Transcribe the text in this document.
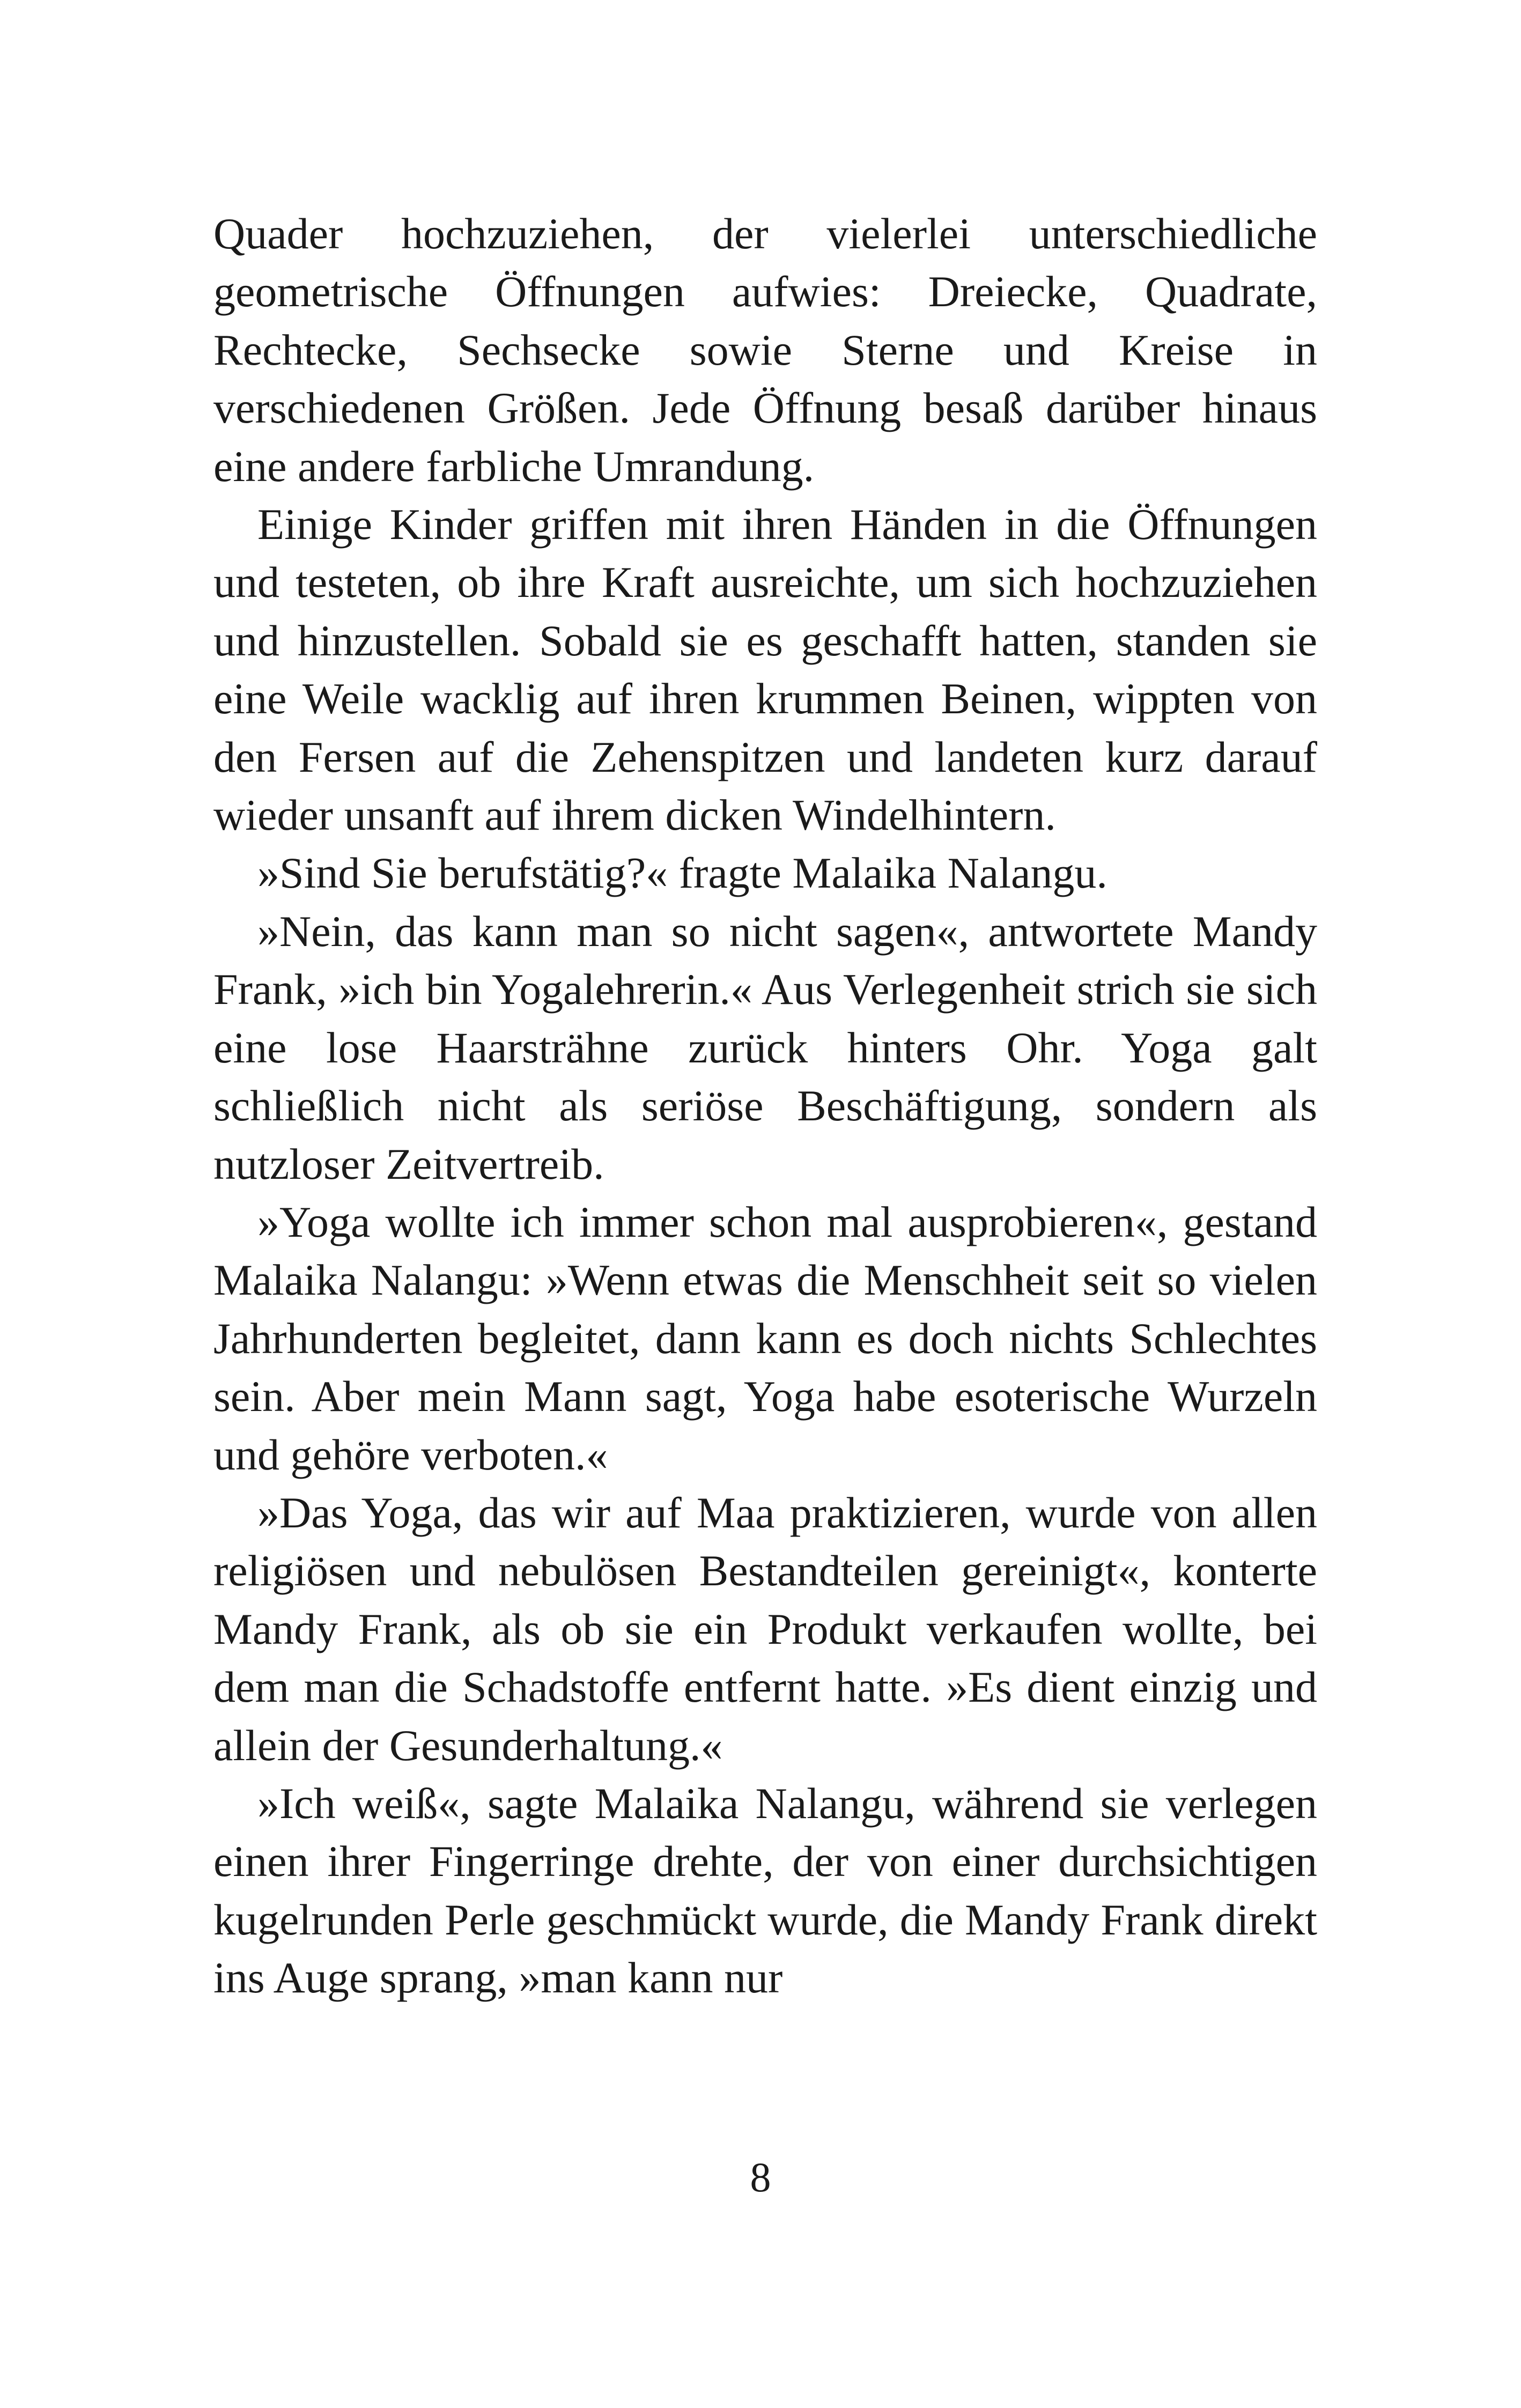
Quader hochzuziehen, der vielerlei unterschiedliche geometrische Öffnungen aufwies: Dreiecke, Quadrate, Rechtecke, Sechsecke sowie Sterne und Kreise in verschiedenen Größen. Jede Öffnung besaß darüber hinaus eine andere farbliche Umrandung.

Einige Kinder griffen mit ihren Händen in die Öffnungen und testeten, ob ihre Kraft ausreichte, um sich hochzuziehen und hinzustellen. Sobald sie es geschafft hatten, standen sie eine Weile wacklig auf ihren krummen Beinen, wippten von den Fersen auf die Zehenspitzen und landeten kurz darauf wieder unsanft auf ihrem dicken Windelhintern.

»Sind Sie berufstätig?« fragte Malaika Nalangu.

»Nein, das kann man so nicht sagen«, antwortete Mandy Frank, »ich bin Yogalehrerin.« Aus Verlegenheit strich sie sich eine lose Haarsträhne zurück hinters Ohr. Yoga galt schließlich nicht als seriöse Beschäftigung, sondern als nutzloser Zeitvertreib.

»Yoga wollte ich immer schon mal ausprobieren«, gestand Malaika Nalangu: »Wenn etwas die Menschheit seit so vielen Jahrhunderten begleitet, dann kann es doch nichts Schlechtes sein. Aber mein Mann sagt, Yoga habe esoterische Wurzeln und gehöre verboten.«

»Das Yoga, das wir auf Maa praktizieren, wurde von allen religiösen und nebulösen Bestandteilen gereinigt«, konterte Mandy Frank, als ob sie ein Produkt verkaufen wollte, bei dem man die Schadstoffe entfernt hatte. »Es dient einzig und allein der Gesunderhaltung.«

»Ich weiß«, sagte Malaika Nalangu, während sie verlegen einen ihrer Fingerringe drehte, der von einer durchsichtigen kugelrunden Perle geschmückt wurde, die Mandy Frank direkt ins Auge sprang, »man kann nur

8
